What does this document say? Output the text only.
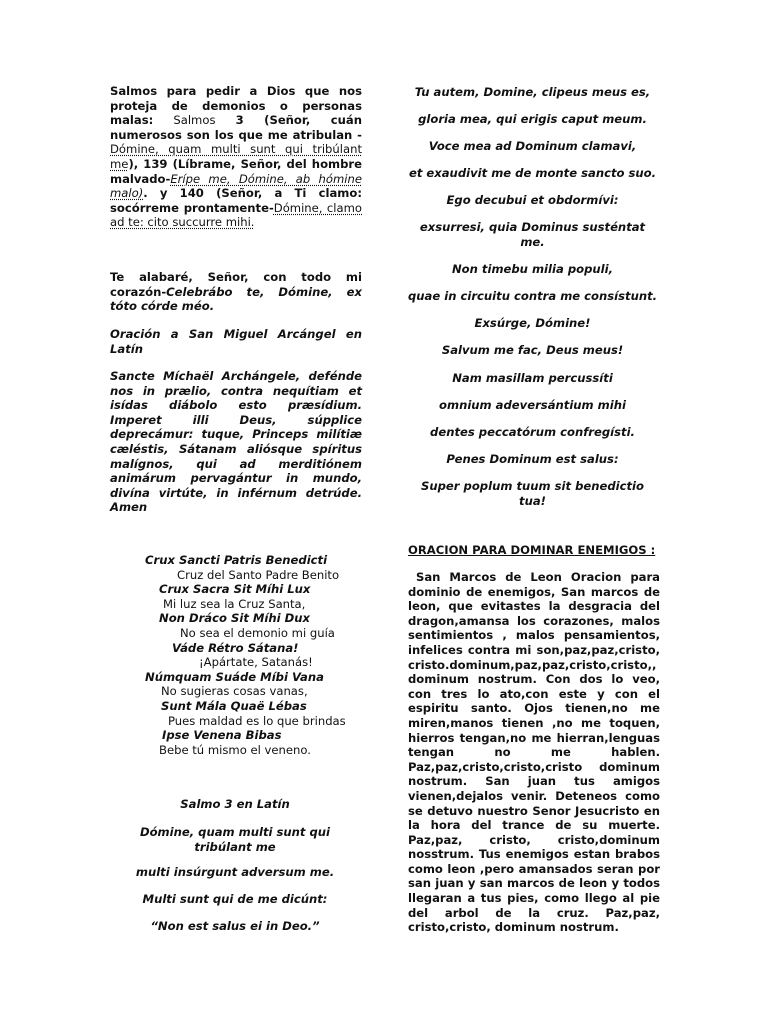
Salmos para pedir a Dios que nos proteja de demonios o personas malas: Salmos 3 (Señor, cuán numerosos son los que me atribulan -Dómine, quam multi sunt qui tribúlant me), 139 (Líbrame, Señor, del hombre malvado-Erípe me, Dómine, ab hómine malo). y 140 (Señor, a Ti clamo: socórreme prontamente-Dómine, clamo ad te: cito succurre mihi.
Te alabaré, Señor, con todo mi corazón-Celebrábo te, Dómine, ex tóto córde méo.
Oración a San Miguel Arcángel en Latín
Sancte Míchaël Archángele, defénde nos in prælio, contra nequítiam et isídas diábolo esto præsídium. Imperet illi Deus, súpplice deprecámur: tuque, Princeps milítiæ cæléstis, Sátanam aliósque spíritus malígnos, qui ad merditiónem animárum pervagántur in mundo, divína virtúte, in inférnum detrúde. Amen

Crux Sancti Patris Benedicti

Cruz del Santo Padre Benito

Crux Sacra Sit Míhi Lux

Mi luz sea la Cruz Santa,

Non Dráco Sit Míhi Dux

No sea el demonio mi guía

Váde Rétro Sátana!

¡Apártate, Satanás!

Númquam Suáde Míbi Vana

No sugieras cosas vanas,

Sunt Mála Quaë Lébas

Pues maldad es lo que brindas

Ipse Venena Bibas

Bebe tú mismo el veneno.

Salmo 3 en Latín

Dómine, quam multi sunt qui tribúlant me

multi insúrgunt adversum me.

Multi sunt qui de me dicúnt:

“Non est salus ei in Deo.”

Tu autem, Domine, clipeus meus es,

gloria mea, qui erigis caput meum.

Voce mea ad Dominum clamavi,

et exaudivit me de monte sancto suo.

Ego decubui et obdormívi:

exsurresi, quia Dominus susténtat me.

Non timebu milia populi,

quae in circuitu contra me consístunt.

Exsúrge, Dómine!

Salvum me fac, Deus meus!

Nam masillam percussíti

omnium adeversántium mihi

dentes peccatórum confregísti.

Penes Dominum est salus:

Super poplum tuum sit benedictio tua!

ORACION PARA DOMINAR ENEMIGOS :
San Marcos de Leon Oracion para dominio de enemigos, San marcos de leon, que evitastes la desgracia del dragon,amansa los corazones, malos sentimientos , malos pensamientos, infelices contra mi son,paz,paz,cristo, cristo.dominum,paz,paz,cristo,cristo,, dominum nostrum. Con dos lo veo, con tres lo ato,con este y con el espiritu santo. Ojos tienen,no me miren,manos tienen ,no me toquen, hierros tengan,no me hierran,lenguas tengan no me hablen. Paz,paz,cristo,cristo,cristo dominum nostrum. San juan tus amigos vienen,dejalos venir. Deteneos como se detuvo nuestro Senor Jesucristo en la hora del trance de su muerte. Paz,paz, cristo, cristo,dominum nosstrum. Tus enemigos estan brabos como leon ,pero amansados seran por san juan y san marcos de leon y todos llegaran a tus pies, como llego al pie del arbol de la cruz. Paz,paz, cristo,cristo, dominum nostrum.
